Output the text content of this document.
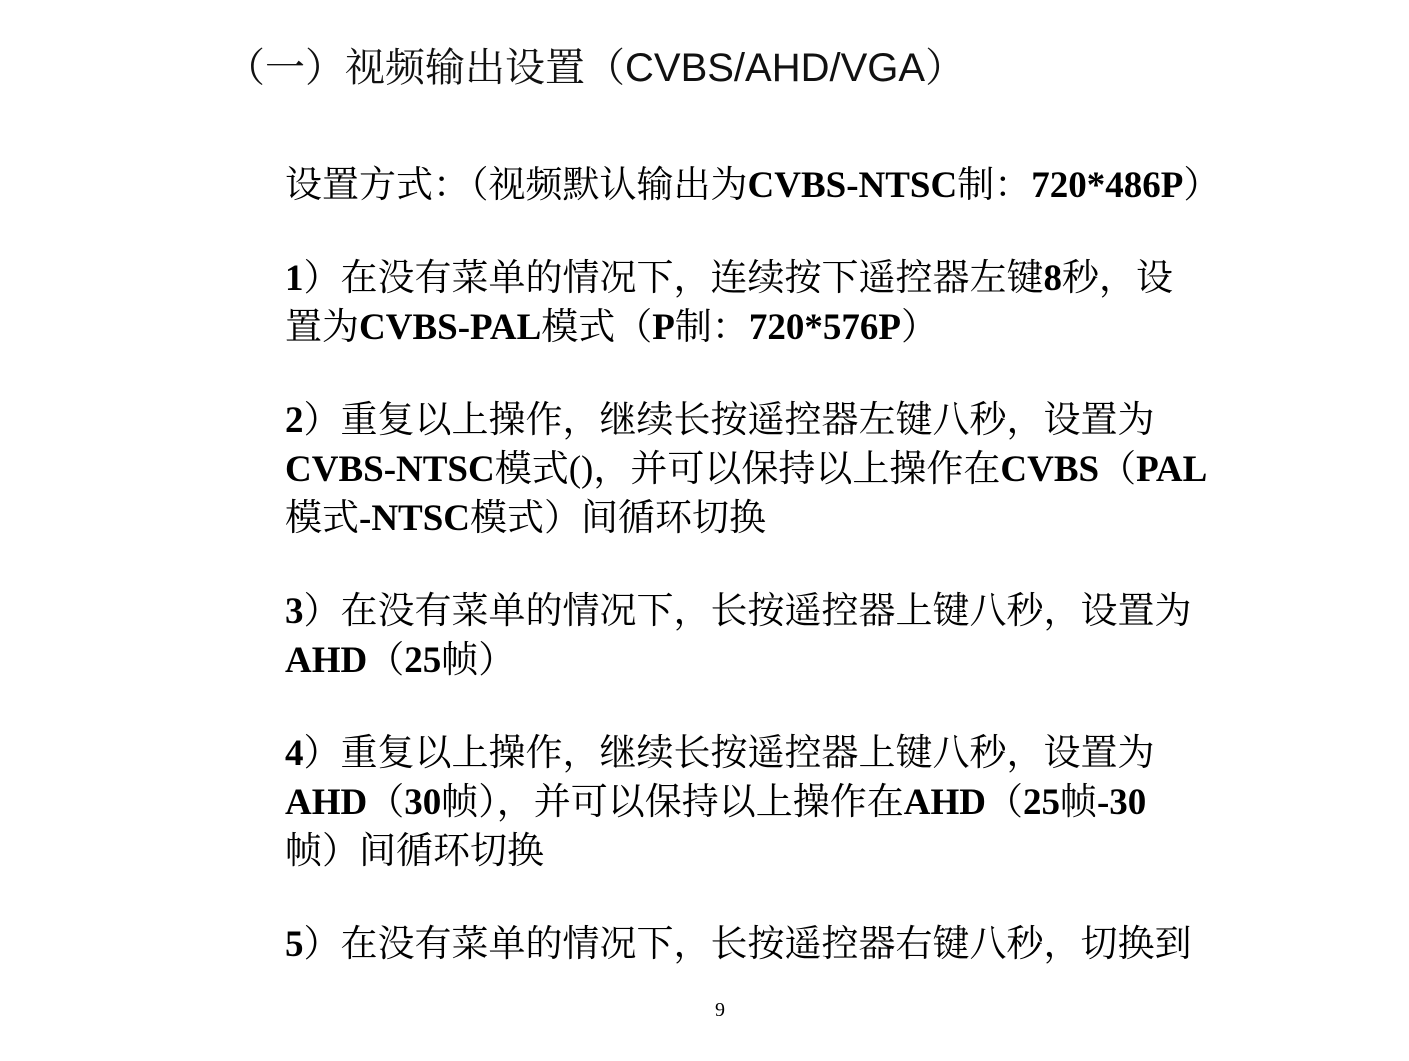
（一）视频输出设置（CVBS/AHD/VGA）
设置方式：（视频默认输出为CVBS-NTSC制：720*486P）
1）在没有菜单的情况下，连续按下遥控器左键8秒，设
置为CVBS-PAL模式（P制：720*576P）
2）重复以上操作，继续长按遥控器左键八秒，设置为
CVBS-NTSC模式()，并可以保持以上操作在CVBS（PAL
模式-NTSC模式）间循环切换
3）在没有菜单的情况下，长按遥控器上键八秒，设置为
AHD（25帧）
4）重复以上操作，继续长按遥控器上键八秒，设置为
AHD（30帧），并可以保持以上操作在AHD（25帧-30
帧）间循环切换
5）在没有菜单的情况下，长按遥控器右键八秒，切换到
9
